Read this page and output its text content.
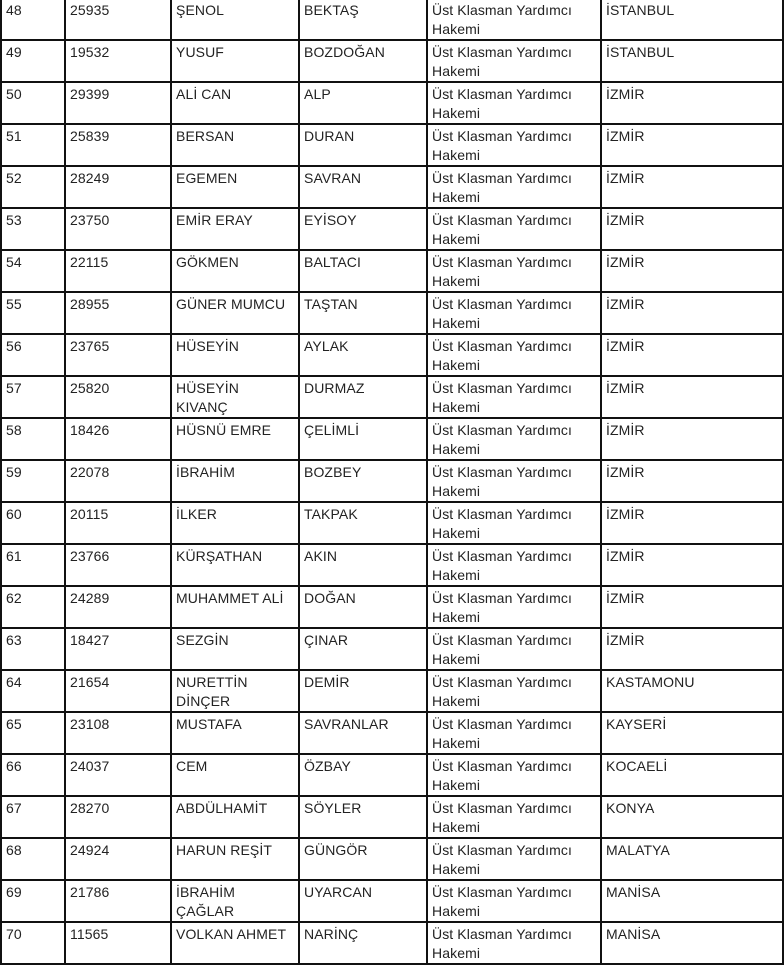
48	25935	ŞENOL	BEKTAŞ	Üst Klasman Yardımcı Hakemi	İSTANBUL

49	19532	YUSUF	BOZDOĞAN	Üst Klasman Yardımcı Hakemi	İSTANBUL

50	29399	ALİ CAN	ALP	Üst Klasman Yardımcı Hakemi	İZMİR

51	25839	BERSAN	DURAN	Üst Klasman Yardımcı Hakemi	İZMİR

52	28249	EGEMEN	SAVRAN	Üst Klasman Yardımcı Hakemi	İZMİR

53	23750	EMİR ERAY	EYİSOY	Üst Klasman Yardımcı Hakemi	İZMİR

54	22115	GÖKMEN	BALTACI	Üst Klasman Yardımcı Hakemi	İZMİR

55	28955	GÜNER MUMCU	TAŞTAN	Üst Klasman Yardımcı Hakemi	İZMİR

56	23765	HÜSEYİN	AYLAK	Üst Klasman Yardımcı Hakemi	İZMİR

57	25820	HÜSEYİN KIVANÇ	DURMAZ	Üst Klasman Yardımcı Hakemi	İZMİR

58	18426	HÜSNÜ EMRE	ÇELİMLİ	Üst Klasman Yardımcı Hakemi	İZMİR

59	22078	İBRAHİM	BOZBEY	Üst Klasman Yardımcı Hakemi	İZMİR

60	20115	İLKER	TAKPAK	Üst Klasman Yardımcı Hakemi	İZMİR

61	23766	KÜRŞATHAN	AKIN	Üst Klasman Yardımcı Hakemi	İZMİR

62	24289	MUHAMMET ALİ	DOĞAN	Üst Klasman Yardımcı Hakemi	İZMİR

63	18427	SEZGİN	ÇINAR	Üst Klasman Yardımcı Hakemi	İZMİR

64	21654	NURETTİN DİNÇER	DEMİR	Üst Klasman Yardımcı Hakemi	KASTAMONU

65	23108	MUSTAFA	SAVRANLAR	Üst Klasman Yardımcı Hakemi	KAYSERİ

66	24037	CEM	ÖZBAY	Üst Klasman Yardımcı Hakemi	KOCAELİ

67	28270	ABDÜLHAMİT	SÖYLER	Üst Klasman Yardımcı Hakemi	KONYA

68	24924	HARUN REŞİT	GÜNGÖR	Üst Klasman Yardımcı Hakemi	MALATYA

69	21786	İBRAHİM ÇAĞLAR	UYARCAN	Üst Klasman Yardımcı Hakemi	MANİSA

70	11565	VOLKAN AHMET	NARİNÇ	Üst Klasman Yardımcı Hakemi	MANİSA
